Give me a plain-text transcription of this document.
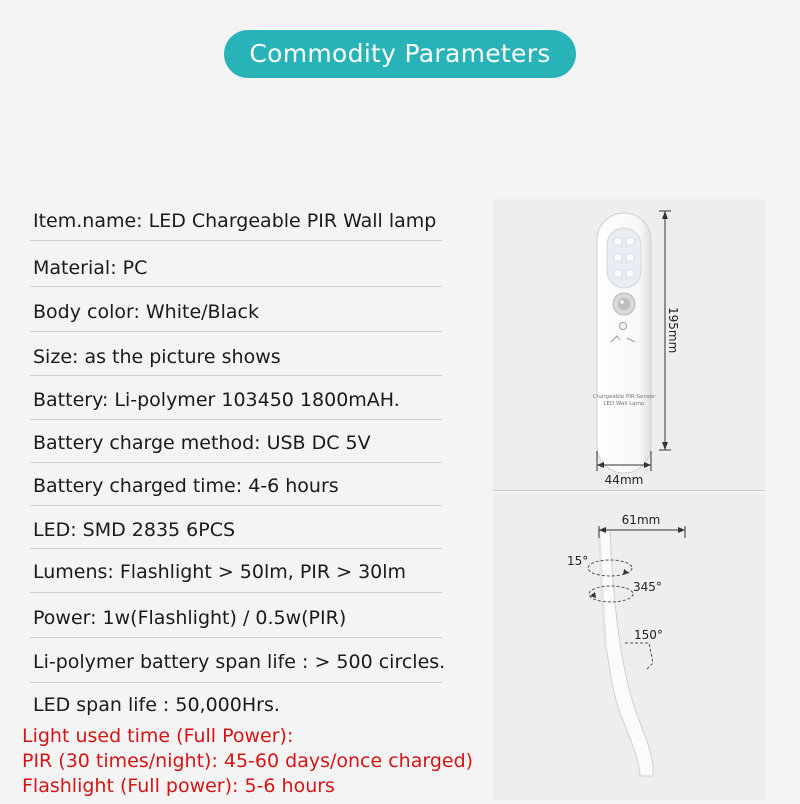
Commodity Parameters
Item.name: LED Chargeable PIR Wall lamp
Material: PC
Body color: White/Black
Size: as the picture shows
Battery: Li-polymer 103450 1800mAH.
Battery charge method: USB DC 5V
Battery charged time: 4-6 hours
LED: SMD 2835 6PCS
Lumens: Flashlight > 50lm, PIR > 30lm
Power: 1w(Flashlight) / 0.5w(PIR)
Li-polymer battery span life : > 500 circles.
LED span life : 50,000Hrs.
Light used time (Full Power):
PIR (30 times/night): 45-60 days/once charged)
Flashlight (Full power): 5-6 hours
Chargeable PIR Sensor
LED Wall Lamp
195mm
44mm
61mm
15°
345°
150°
